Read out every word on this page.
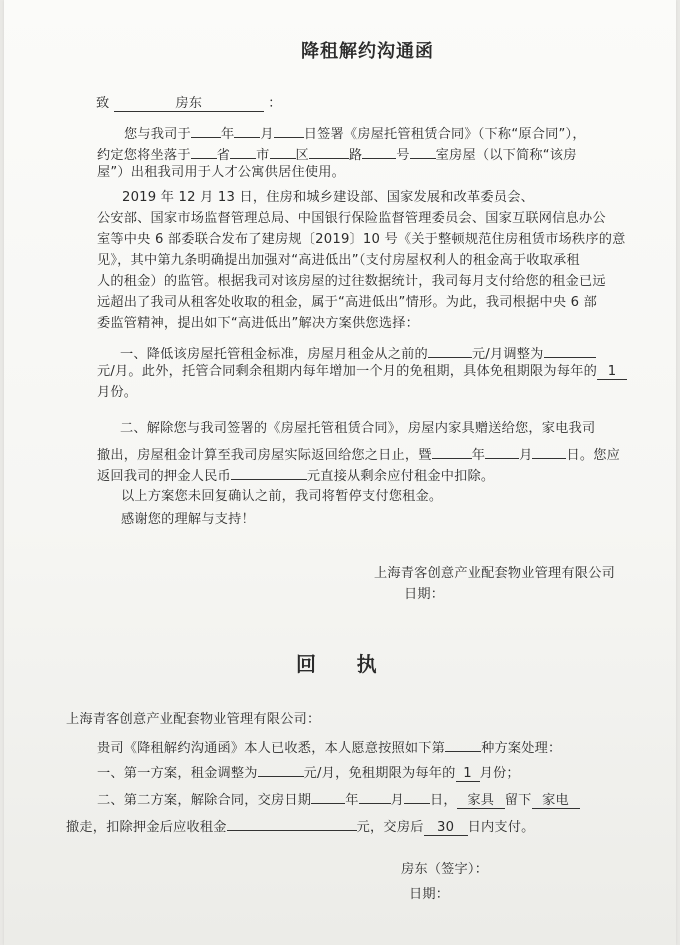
降租解约沟通函
致	房东	：
您与我司于 年 月 日签署《房屋托管租赁合同》（下称“原合同”），
约定您将坐落于 省 市 区	路	号 室房屋（以下简称“该房
屋”）出租我司用于人才公寓供居住使用。
2019 年 12 月 13 日，住房和城乡建设部、国家发展和改革委员会、
公安部、国家市场监督管理总局、中国银行保险监督管理委员会、国家互联网信息办公
室等中央 6 部委联合发布了建房规〔2019〕10 号《关于整顿规范住房租赁市场秩序的意
见》，其中第九条明确提出加强对“高进低出”（支付房屋权利人的租金高于收取承租
人的租金）的监管。根据我司对该房屋的过往数据统计，我司每月支付给您的租金已远
远超出了我司从租客处收取的租金，属于“高进低出”情形。为此，我司根据中央 6 部
委监管精神，提出如下“高进低出”解决方案供您选择：
一、降低该房屋托管租金标准，房屋月租金从之前的	元/月调整为
元/月。此外，托管合同剩余租期内每年增加一个月的免租期，具体免租期限为每年的 1
月份。
二、解除您与我司签署的《房屋托管租赁合同》，房屋内家具赠送给您，家电我司
撤出，房屋租金计算至我司房屋实际返回给您之日止，暨	年	月	日。您应
返回我司的押金人民币	元直接从剩余应付租金中扣除。
以上方案您未回复确认之前，我司将暂停支付您租金。
感谢您的理解与支持！
上海青客创意产业配套物业管理有限公司
日期：
回　　执
上海青客创意产业配套物业管理有限公司：
贵司《降租解约沟通函》本人已收悉，本人愿意按照如下第	种方案处理：
一、第一方案，租金调整为	元/月，免租期限为每年的 1 月份；
二、第二方案，解除合同，交房日期	年 月 日， 家具 留下 家电
撤走，扣除押金后应收租金	元，交房后 30 日内支付。
房东（签字）：
日期：
